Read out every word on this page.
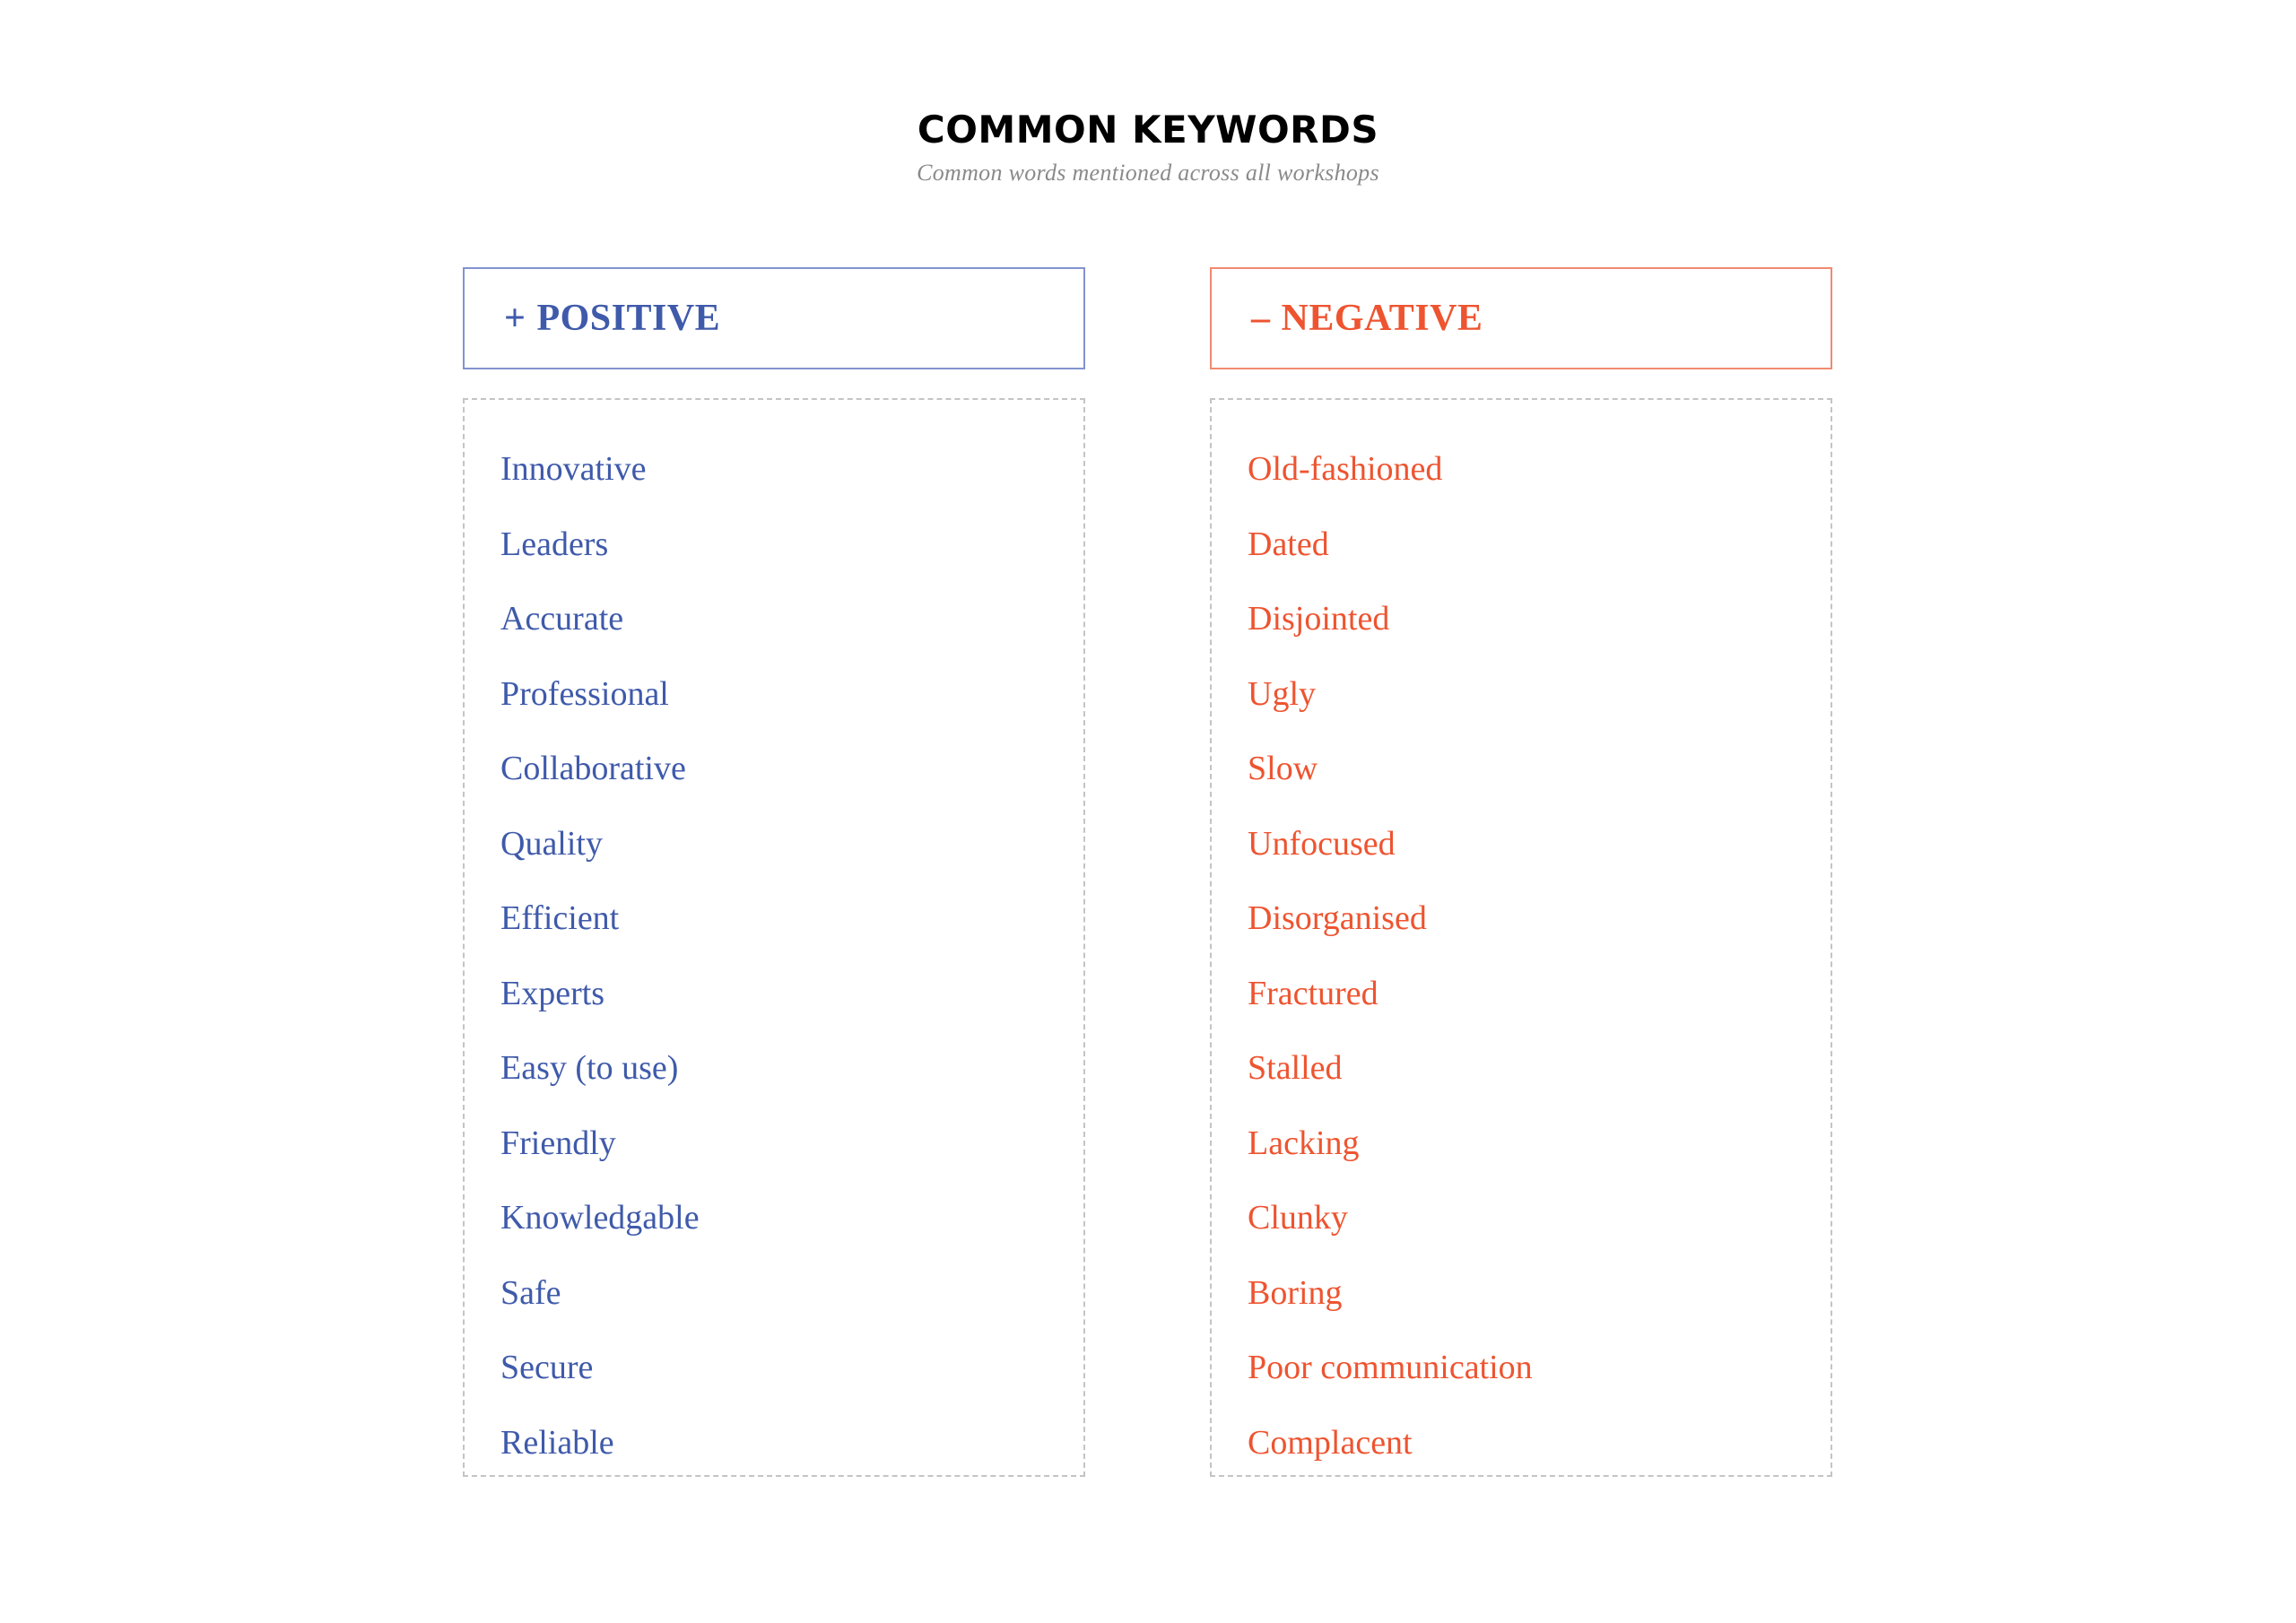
COMMON KEYWORDS
Common words mentioned across all workshops
+ POSITIVE
Innovative
Leaders
Accurate
Professional
Collaborative
Quality
Efficient
Experts
Easy (to use)
Friendly
Knowledgable
Safe
Secure
Reliable
– NEGATIVE
Old-fashioned
Dated
Disjointed
Ugly
Slow
Unfocused
Disorganised
Fractured
Stalled
Lacking
Clunky
Boring
Poor communication
Complacent
